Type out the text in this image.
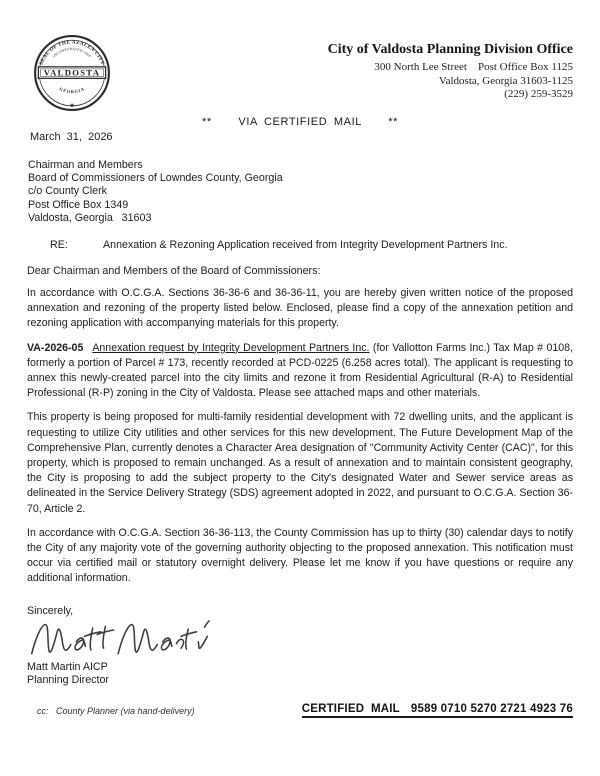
SEAL OF THE AZALEA CITY
INCORPORATED 1860
VALDOSTA
GEORGIA
★
City of Valdosta Planning Division Office
300 North Lee Street    Post Office Box 1125
Valdosta, Georgia 31603-1125
(229) 259-3529
**    VIA CERTIFIED MAIL    **
March  31,  2026
Chairman and Members
Board of Commissioners of Lowndes County, Georgia
c/o County Clerk
Post Office Box 1349
Valdosta, Georgia   31603
RE:	Annexation & Rezoning Application received from Integrity Development Partners Inc.
Dear Chairman and Members of the Board of Commissioners:

In accordance with O.C.G.A. Sections 36-36-6 and 36-36-11, you are hereby given written notice of the proposed annexation and rezoning of the property listed below. Enclosed, please find a copy of the annexation petition and rezoning application with accompanying materials for this property.

VA-2026-05 Annexation request by Integrity Development Partners Inc. (for Vallotton Farms Inc.) Tax Map # 0108, formerly a portion of Parcel # 173, recently recorded at PCD-0225 (6.258 acres total). The applicant is requesting to annex this newly-created parcel into the city limits and rezone it from Residential Agricultural (R-A) to Residential Professional (R-P) zoning in the City of Valdosta. Please see attached maps and other materials.

This property is being proposed for multi-family residential development with 72 dwelling units, and the applicant is requesting to utilize City utilities and other services for this new development. The Future Development Map of the Comprehensive Plan, currently denotes a Character Area designation of "Community Activity Center (CAC)", for this property, which is proposed to remain unchanged. As a result of annexation and to maintain consistent geography, the City is proposing to add the subject property to the City's designated Water and Sewer service areas as delineated in the Service Delivery Strategy (SDS) agreement adopted in 2022, and pursuant to O.C.G.A. Section 36-70, Article 2.

In accordance with O.C.G.A. Section 36-36-113, the County Commission has up to thirty (30) calendar days to notify the City of any majority vote of the governing authority objecting to the proposed annexation. This notification must occur via certified mail or statutory overnight delivery. Please let me know if you have questions or require any additional information.

Sincerely,
Matt Martin AICP
Planning Director
cc:   County Planner (via hand-delivery)	CERTIFIED  MAIL 9589 0710 5270 2721 4923 76
